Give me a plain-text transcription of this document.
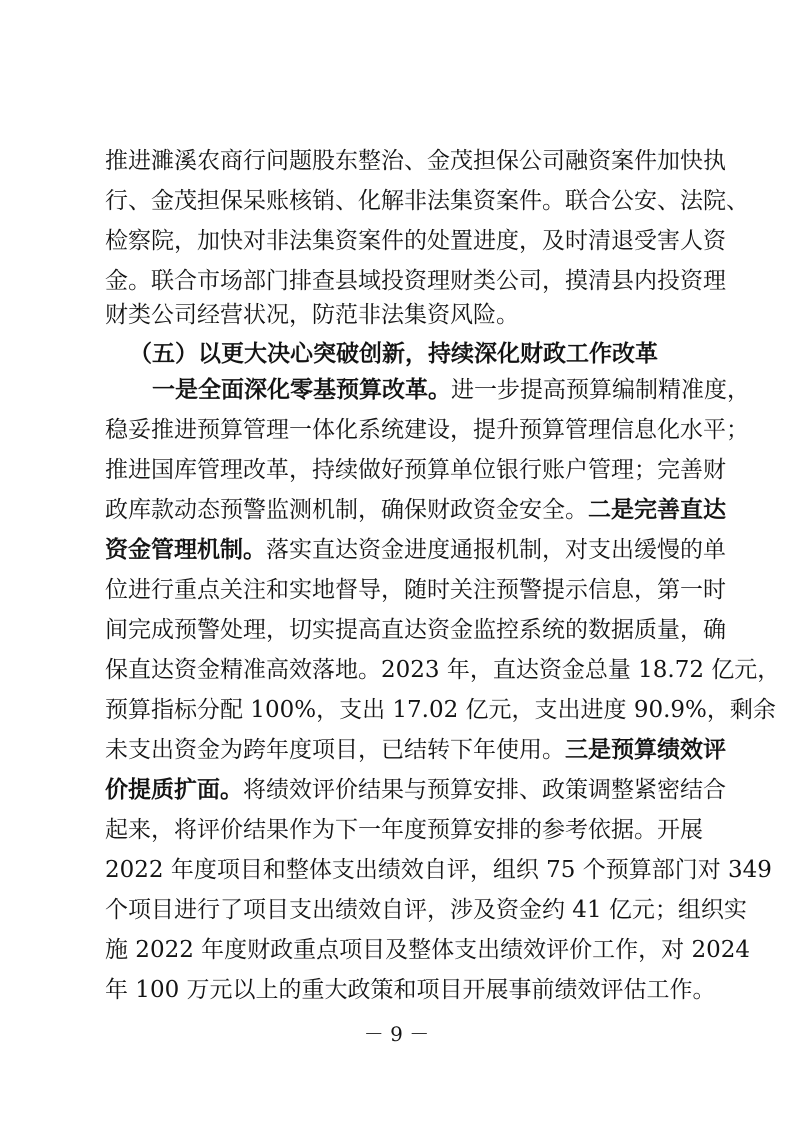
推进濉溪农商行问题股东整治、金茂担保公司融资案件加快执
行、金茂担保呆账核销、化解非法集资案件。联合公安、法院、
检察院，加快对非法集资案件的处置进度，及时清退受害人资
金。联合市场部门排查县域投资理财类公司，摸清县内投资理
财类公司经营状况，防范非法集资风险。
（五）以更大决心突破创新，持续深化财政工作改革
一是全面深化零基预算改革。进一步提高预算编制精准度，
稳妥推进预算管理一体化系统建设，提升预算管理信息化水平；
推进国库管理改革，持续做好预算单位银行账户管理；完善财
政库款动态预警监测机制，确保财政资金安全。二是完善直达
资金管理机制。落实直达资金进度通报机制，对支出缓慢的单
位进行重点关注和实地督导，随时关注预警提示信息，第一时
间完成预警处理，切实提高直达资金监控系统的数据质量，确
保直达资金精准高效落地。2023 年，直达资金总量 18.72 亿元，
预算指标分配 100%，支出 17.02 亿元，支出进度 90.9%，剩余
未支出资金为跨年度项目，已结转下年使用。三是预算绩效评
价提质扩面。将绩效评价结果与预算安排、政策调整紧密结合
起来，将评价结果作为下一年度预算安排的参考依据。开展
2022 年度项目和整体支出绩效自评，组织 75 个预算部门对 349
个项目进行了项目支出绩效自评，涉及资金约 41 亿元；组织实
施 2022 年度财政重点项目及整体支出绩效评价工作，对 2024
年 100 万元以上的重大政策和项目开展事前绩效评估工作。
－ 9 －
